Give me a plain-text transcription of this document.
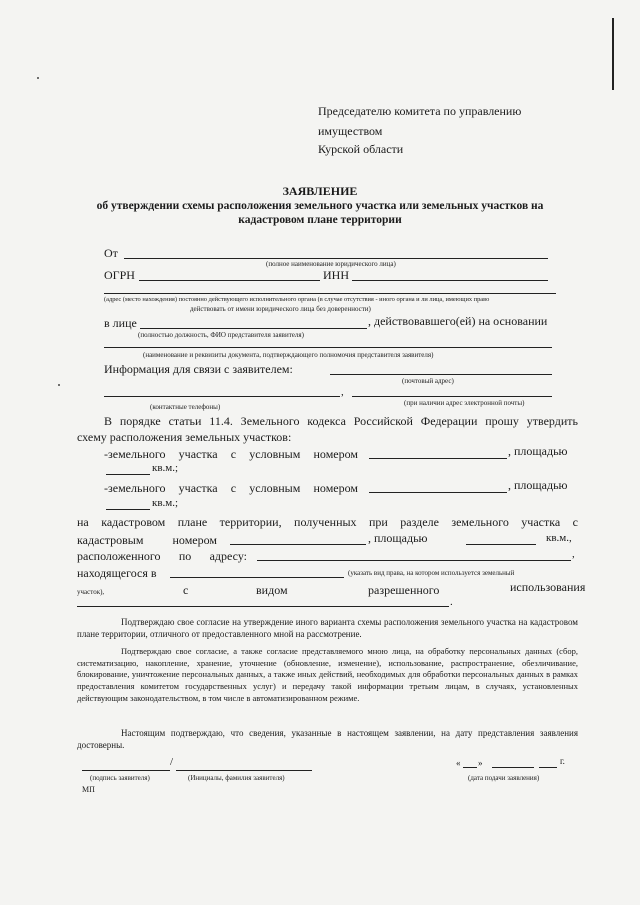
Председателю комитета по управлению
имуществом
Курской области
ЗАЯВЛЕНИЕ
об утверждении схемы расположения земельного участка или земельных участков на
кадастровом плане территории
От
(полное наименование юридического лица)
ОГРН	ИНН
(адрес (место нахождения) постоянно действующего исполнительного органа (в случае отсутствия - иного органа и ли лица, имеющих право
действовать от имени юридического лица без доверенности)
в лице	, действовавшего(ей) на основании
(полностью должность, ФИО представителя заявителя)
(наименование и реквизиты документа, подтверждающего полномочия представителя заявителя)
Информация для связи с заявителем:
(почтовый адрес)
,
(контактные телефоны)	(при наличии адрес электронной почты)
В порядке статьи 11.4. Земельного кодекса Российской Федерации прошу утвердить
схему расположения земельных участков:
-земельного участка с условным номером	, площадью
кв.м.;
-земельного участка с условным номером	, площадью
кв.м.;
на кадастровом плане территории, полученных при разделе земельного участка с
кадастровым номером	, площадью	кв.м.,
расположенного по адресу:	,
находящегося в	(указать вид права, на котором используется земельный
участок),	с	видом	разрешенного	использования
.
Подтверждаю свое согласие на утверждение иного варианта схемы расположения земельного участка на кадастровом плане территории, отличного от предоставленного мной на рассмотрение.
Подтверждаю свое согласие, а также согласие представляемого мною лица, на обработку персональных данных (сбор, систематизацию, накопление, хранение, уточнение (обновление, изменение), использование, распространение, обезличивание, блокирование, уничтожение персональных данных, а также иных действий, необходимых для обработки персональных данных в рамках предоставления комитетом государственных услуг) и передачу такой информации третьим лицам, в случаях, установленных действующим законодательством, в том числе в автоматизированном режиме.
Настоящим подтверждаю, что сведения, указанные в настоящем заявлении, на дату представления заявления достоверны.
/
(подпись заявителя)	(Инициалы, фамилия заявителя)
МП
« »	г.
(дата подачи заявления)
